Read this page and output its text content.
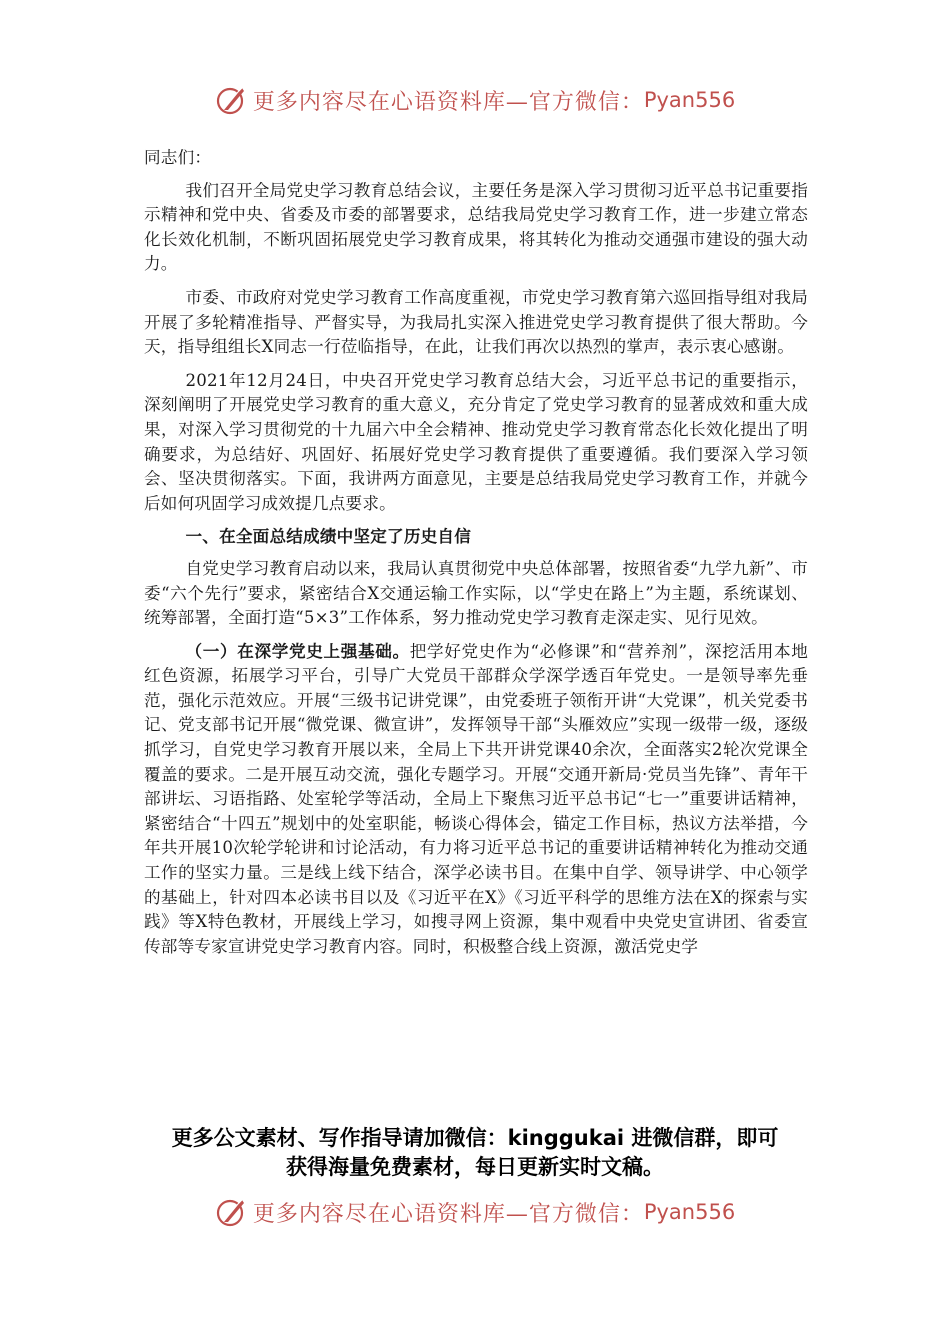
更多内容尽在心语资料库—官方微信： Pyan556

同志们：

我们召开全局党史学习教育总结会议，主要任务是深入学习贯彻习近平总书记重要指示精神和党中央、省委及市委的部署要求，总结我局党史学习教育工作，进一步建立常态化长效化机制，不断巩固拓展党史学习教育成果，将其转化为推动交通强市建设的强大动力。

市委、市政府对党史学习教育工作高度重视，市党史学习教育第六巡回指导组对我局开展了多轮精准指导、严督实导，为我局扎实深入推进党史学习教育提供了很大帮助。今天，指导组组长X同志一行莅临指导，在此，让我们再次以热烈的掌声，表示衷心感谢。

2021年12月24日，中央召开党史学习教育总结大会，习近平总书记的重要指示，深刻阐明了开展党史学习教育的重大意义，充分肯定了党史学习教育的显著成效和重大成果，对深入学习贯彻党的十九届六中全会精神、推动党史学习教育常态化长效化提出了明确要求，为总结好、巩固好、拓展好党史学习教育提供了重要遵循。我们要深入学习领会、坚决贯彻落实。下面，我讲两方面意见，主要是总结我局党史学习教育工作，并就今后如何巩固学习成效提几点要求。

一、在全面总结成绩中坚定了历史自信

自党史学习教育启动以来，我局认真贯彻党中央总体部署，按照省委“九学九新”、市委“六个先行”要求，紧密结合X交通运输工作实际，以“学史在路上”为主题，系统谋划、统筹部署，全面打造“5×3”工作体系，努力推动党史学习教育走深走实、见行见效。

（一）在深学党史上强基础。把学好党史作为“必修课”和“营养剂”，深挖活用本地红色资源，拓展学习平台，引导广大党员干部群众学深学透百年党史。一是领导率先垂范，强化示范效应。开展“三级书记讲党课”，由党委班子领衔开讲“大党课”，机关党委书记、党支部书记开展“微党课、微宣讲”，发挥领导干部“头雁效应”实现一级带一级，逐级抓学习，自党史学习教育开展以来，全局上下共开讲党课40余次，全面落实2轮次党课全覆盖的要求。二是开展互动交流，强化专题学习。开展“交通开新局·党员当先锋”、青年干部讲坛、习语指路、处室轮学等活动，全局上下聚焦习近平总书记“七一”重要讲话精神，紧密结合“十四五”规划中的处室职能，畅谈心得体会，锚定工作目标，热议方法举措，今年共开展10次轮学轮讲和讨论活动，有力将习近平总书记的重要讲话精神转化为推动交通工作的坚实力量。三是线上线下结合，深学必读书目。在集中自学、领导讲学、中心领学的基础上，针对四本必读书目以及《习近平在X》《习近平科学的思维方法在X的探索与实践》等X特色教材，开展线上学习，如搜寻网上资源，集中观看中央党史宣讲团、省委宣传部等专家宣讲党史学习教育内容。同时，积极整合线上资源，激活党史学

更多公文素材、写作指导请加微信：kinggukai 进微信群，即可
获得海量免费素材，每日更新实时文稿。
更多内容尽在心语资料库—官方微信： Pyan556
